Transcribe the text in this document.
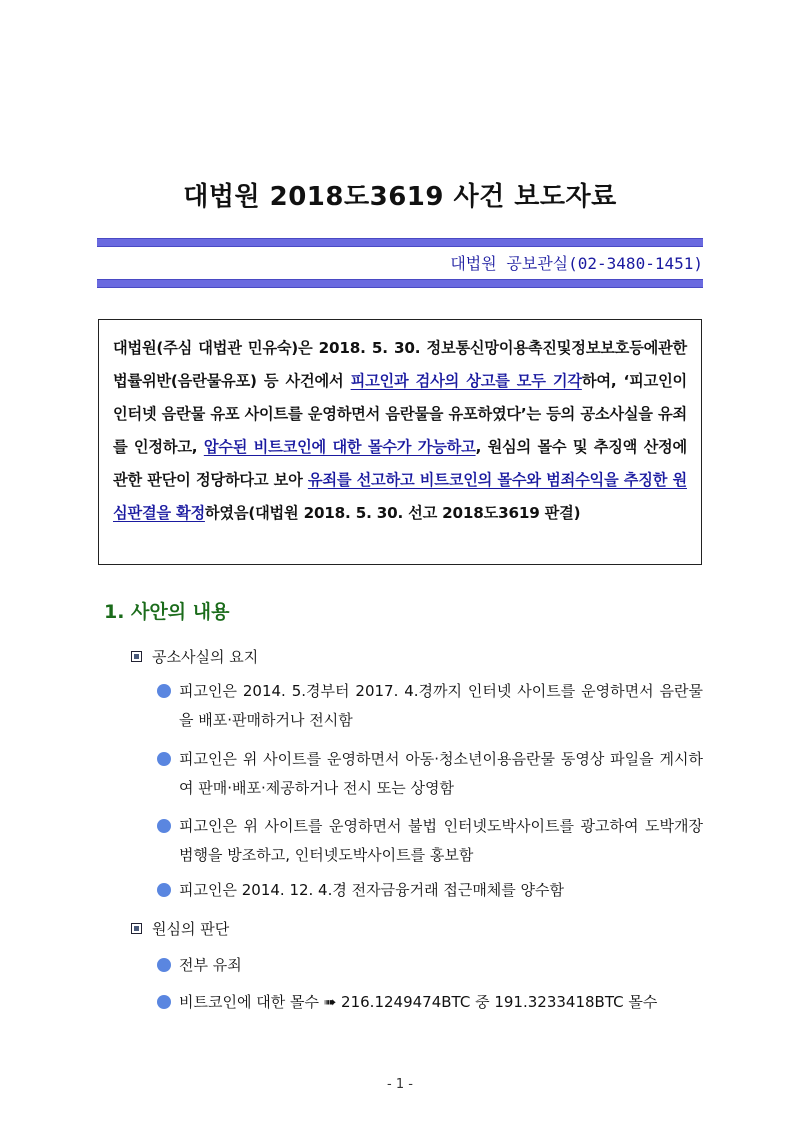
대법원 2018도3619 사건 보도자료
대법원 공보관실(02-3480-1451)

대법원(주심 대법관 민유숙)은 2018. 5. 30. 정보통신망이용촉진및정보보호등에관한법률위반(음란물유포) 등 사건에서 피고인과 검사의 상고를 모두 기각하여, ‘피고인이 인터넷 음란물 유포 사이트를 운영하면서 음란물을 유포하였다’는 등의 공소사실을 유죄를 인정하고, 압수된 비트코인에 대한 몰수가 가능하고, 원심의 몰수 및 추징액 산정에 관한 판단이 정당하다고 보아 유죄를 선고하고 비트코인의 몰수와 범죄수익을 추징한 원심판결을 확정하였음(대법원 2018. 5. 30. 선고 2018도3619 판결)

1. 사안의 내용
공소사실의 요지
피고인은 2014. 5.경부터 2017. 4.경까지 인터넷 사이트를 운영하면서 음란물을 배포·판매하거나 전시함
피고인은 위 사이트를 운영하면서 아동·청소년이용음란물 동영상 파일을 게시하여 판매·배포·제공하거나 전시 또는 상영함
피고인은 위 사이트를 운영하면서 불법 인터넷도박사이트를 광고하여 도박개장 범행을 방조하고, 인터넷도박사이트를 홍보함
피고인은 2014. 12. 4.경 전자금융거래 접근매체를 양수함
원심의 판단
전부 유죄
비트코인에 대한 몰수 ➠ 216.1249474BTC 중 191.3233418BTC 몰수
- 1 -
